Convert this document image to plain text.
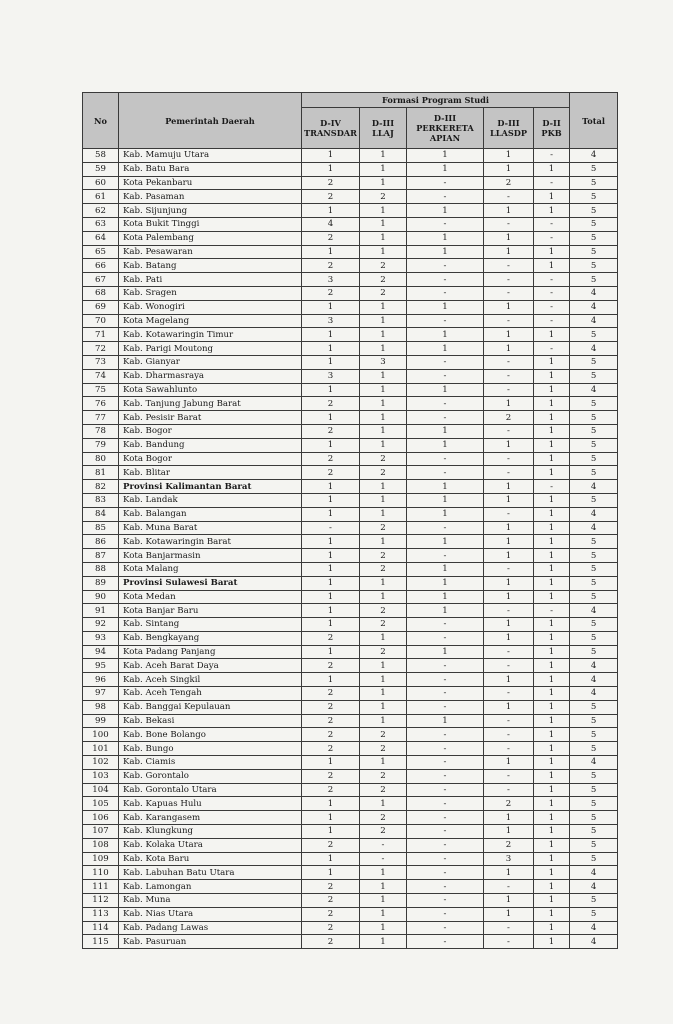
No	Pemerintah Daerah	Formasi Program Studi					Total
		D-IV TRANSDAR	D-III LLAJ	D-III PERKERETA APIAN	D-III LLASDP	D-II PKB	
58	Kab. Mamuju Utara	1	1	1	1	-	4
59	Kab. Batu Bara	1	1	1	1	1	5
60	Kota Pekanbaru	2	1	-	2	-	5
61	Kab. Pasaman	2	2	-	-	1	5
62	Kab. Sijunjung	1	1	1	1	1	5
63	Kota Bukit Tinggi	4	1	-	-	-	5
64	Kota Palembang	2	1	1	1	-	5
65	Kab. Pesawaran	1	1	1	1	1	5
66	Kab. Batang	2	2	-	-	1	5
67	Kab. Pati	3	2	-	-	-	5
68	Kab. Sragen	2	2	-	-	-	4
69	Kab. Wonogiri	1	1	1	1	-	4
70	Kota Magelang	3	1	-	-	-	4
71	Kab. Kotawaringin Timur	1	1	1	1	1	5
72	Kab. Parigi Moutong	1	1	1	1	-	4
73	Kab. Gianyar	1	3	-	-	1	5
74	Kab. Dharmasraya	3	1	-	-	1	5
75	Kota Sawahlunto	1	1	1	-	1	4
76	Kab. Tanjung Jabung Barat	2	1	-	1	1	5
77	Kab. Pesisir Barat	1	1	-	2	1	5
78	Kab. Bogor	2	1	1	-	1	5
79	Kab. Bandung	1	1	1	1	1	5
80	Kota Bogor	2	2	-	-	1	5
81	Kab. Blitar	2	2	-	-	1	5
82	Provinsi Kalimantan Barat	1	1	1	1	-	4
83	Kab. Landak	1	1	1	1	1	5
84	Kab. Balangan	1	1	1	-	1	4
85	Kab. Muna Barat	-	2	-	1	1	4
86	Kab. Kotawaringin Barat	1	1	1	1	1	5
87	Kota Banjarmasin	1	2	-	1	1	5
88	Kota Malang	1	2	1	-	1	5
89	Provinsi Sulawesi Barat	1	1	1	1	1	5
90	Kota Medan	1	1	1	1	1	5
91	Kota Banjar Baru	1	2	1	-	-	4
92	Kab. Sintang	1	2	-	1	1	5
93	Kab. Bengkayang	2	1	-	1	1	5
94	Kota Padang Panjang	1	2	1	-	1	5
95	Kab. Aceh Barat Daya	2	1	-	-	1	4
96	Kab. Aceh Singkil	1	1	-	1	1	4
97	Kab. Aceh Tengah	2	1	-	-	1	4
98	Kab. Banggai Kepulauan	2	1	-	1	1	5
99	Kab. Bekasi	2	1	1	-	1	5
100	Kab. Bone Bolango	2	2	-	-	1	5
101	Kab. Bungo	2	2	-	-	1	5
102	Kab. Ciamis	1	1	-	1	1	4
103	Kab. Gorontalo	2	2	-	-	1	5
104	Kab. Gorontalo Utara	2	2	-	-	1	5
105	Kab. Kapuas Hulu	1	1	-	2	1	5
106	Kab. Karangasem	1	2	-	1	1	5
107	Kab. Klungkung	1	2	-	1	1	5
108	Kab. Kolaka Utara	2	-	-	2	1	5
109	Kab. Kota Baru	1	-	-	3	1	5
110	Kab. Labuhan Batu Utara	1	1	-	1	1	4
111	Kab. Lamongan	2	1	-	-	1	4
112	Kab. Muna	2	1	-	1	1	5
113	Kab. Nias Utara	2	1	-	1	1	5
114	Kab. Padang Lawas	2	1	-	-	1	4
115	Kab. Pasuruan	2	1	-	-	1	4
